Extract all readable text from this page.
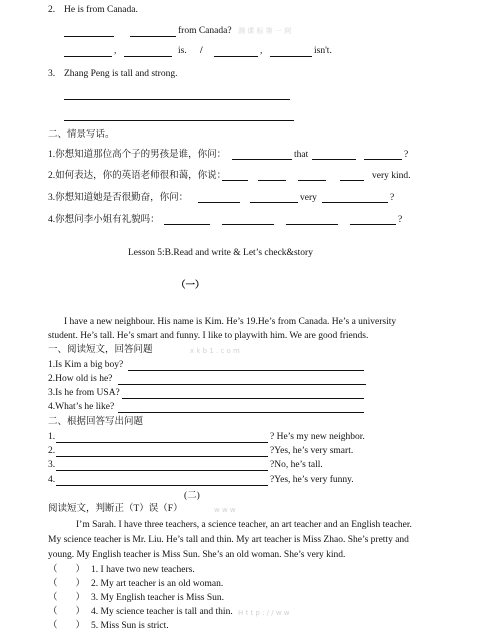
2. He is from Canada.
from Canada? 测 课 标 第 一 网
,	is. /	,	isn't.
3. Zhang Peng is tall and strong.
二、情景写话。
1.你想知道那位高个子的男孩是谁，你问：	that	?
2.如何表达，你的英语老师很和蔼，你说：	very kind.
3.你想知道她是否很勤奋，你问：	very	?
4.你想问李小姐有礼貌吗：	?
Lesson 5:B.Read and write & Let’s check&story
（一）
I have a new neighbour. His name is Kim. He’s 19.He’s from Canada. He’s a university
student. He’s tall. He’s smart and funny. I like to playwith him. We are good friends.
一、阅读短文，回答问题	x k b 1 . c o m
1.Is Kim a big boy?
2.How old is he?
3.Is he from USA?
4.What’s he like?
二、根据回答写出问题
1.	? He’s my new neighbor.
2.	?Yes, he’s very smart.
3.	?No, he’s tall.
4.	?Yes, he’s very funny.
(二)
阅读短文，判断正（T）误（F）	w w w
I’m Sarah. I have three teachers, a science teacher, an art teacher and an English teacher.
My science teacher is Mr. Liu. He’s tall and thin. My art teacher is Miss Zhao. She’s pretty and
young. My English teacher is Miss Sun. She’s an old woman. She’s very kind.
（ ） 1. I have two new teachers.
（ ） 2. My art teacher is an old woman.
（ ） 3. My English teacher is Miss Sun.
（ ） 4. My science teacher is tall and thin. H t t p : / / w w
（ ） 5. Miss Sun is strict.
